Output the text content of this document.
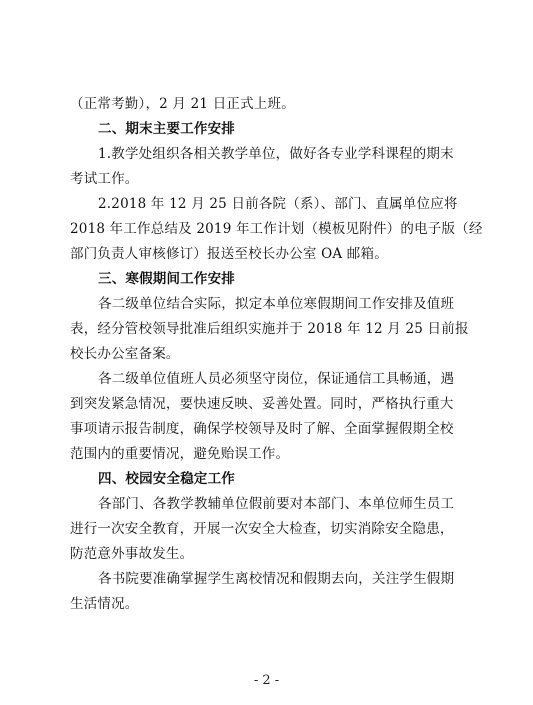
（正常考勤），2 月 21 日正式上班。
二、期末主要工作安排
1.教学处组织各相关教学单位，做好各专业学科课程的期末
考试工作。
2.2018 年 12 月 25 日前各院（系）、部门、直属单位应将
2018 年工作总结及 2019 年工作计划（模板见附件）的电子版（经
部门负责人审核修订）报送至校长办公室 OA 邮箱。
三、寒假期间工作安排
各二级单位结合实际，拟定本单位寒假期间工作安排及值班
表，经分管校领导批准后组织实施并于 2018 年 12 月 25 日前报
校长办公室备案。
各二级单位值班人员必须坚守岗位，保证通信工具畅通，遇
到突发紧急情况，要快速反映、妥善处置。同时，严格执行重大
事项请示报告制度，确保学校领导及时了解、全面掌握假期全校
范围内的重要情况，避免贻误工作。
四、校园安全稳定工作
各部门、各教学教辅单位假前要对本部门、本单位师生员工
进行一次安全教育，开展一次安全大检查，切实消除安全隐患，
防范意外事故发生。
各书院要准确掌握学生离校情况和假期去向，关注学生假期
生活情况。
- 2 -
